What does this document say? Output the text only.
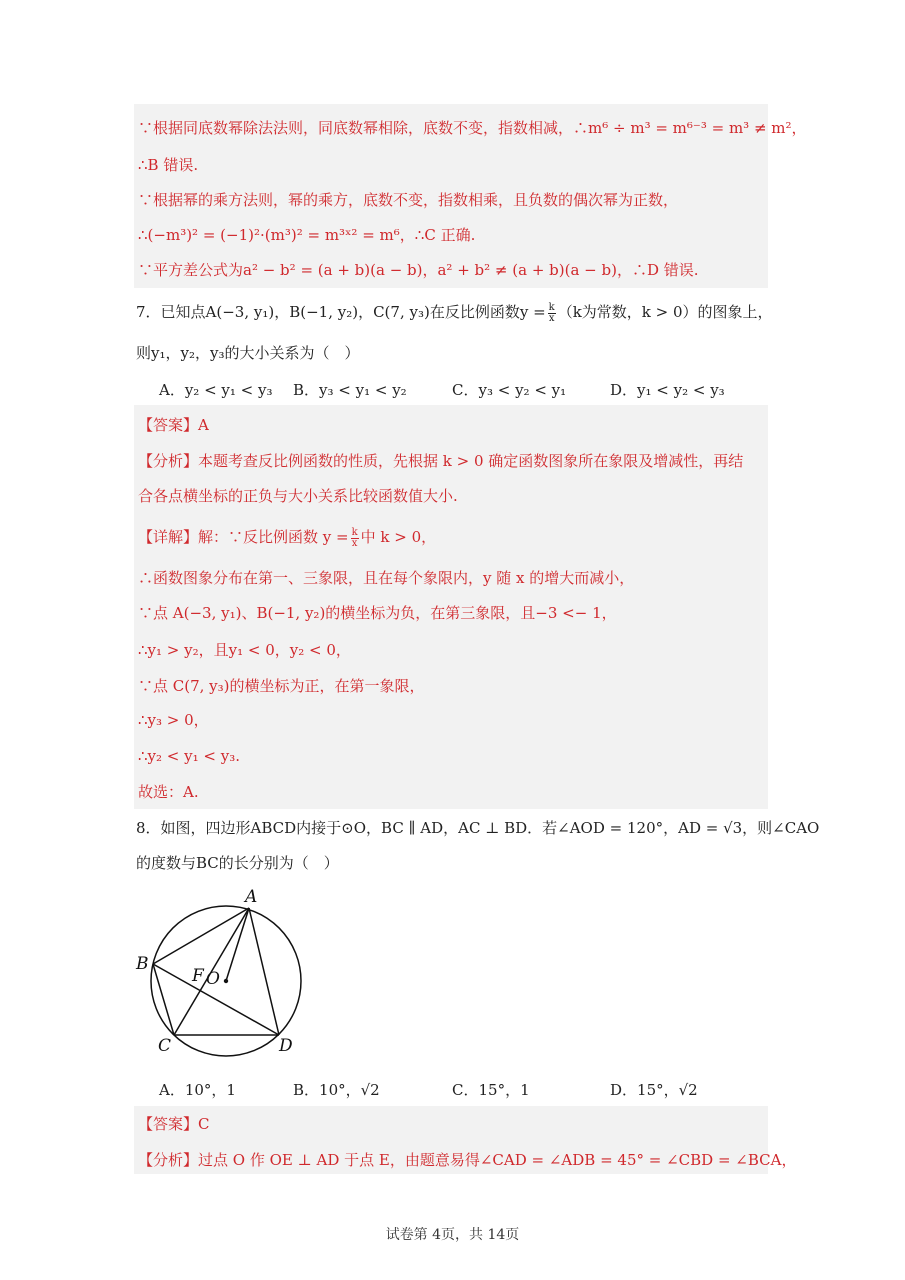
∵根据同底数幂除法法则，同底数幂相除，底数不变，指数相减，∴m⁶ ÷ m³ = m⁶⁻³ = m³ ≠ m²，
∴B 错误.
∵根据幂的乘方法则，幂的乘方，底数不变，指数相乘，且负数的偶次幂为正数，
∴(−m³)² = (−1)²·(m³)² = m³ˣ² = m⁶，∴C 正确.
∵平方差公式为a² − b² = (a + b)(a − b)，a² + b² ≠ (a + b)(a − b)，∴D 错误.
7．已知点A(−3, y₁)，B(−1, y₂)，C(7, y₃)在反比例函数$y = \frac{k}{x} (k$为常数，k > 0）的图象上，
则y₁，y₂，y₃的大小关系为（　）
A．y₂ < y₁ < y₃ B．y₃ < y₁ < y₂	C．y₃ < y₂ < y₁	D．y₁ < y₂ < y₃
【答案】A
【分析】本题考查反比例函数的性质，先根据 k > 0 确定函数图象所在象限及增减性，再结
合各点横坐标的正负与大小关系比较函数值大小.
【详解】解：∵反比例函数 $y = \frac{k}{x}$ 中 k > 0，
∴函数图象分布在第一、三象限，且在每个象限内，y 随 x 的增大而减小，
∵点 A(−3, y₁)、B(−1, y₂)的横坐标为负，在第三象限，且−3 <− 1，
∴y₁ > y₂，且y₁ < 0，y₂ < 0，
∵点 C(7, y₃)的横坐标为正，在第一象限，
∴y₃ > 0，
∴y₂ < y₁ < y₃.
故选：A.
8．如图，四边形ABCD内接于⊙O，BC ∥ AD，AC ⊥ BD．若∠AOD = 120°，AD = √3，则∠CAO
的度数与BC的长分别为（　）
A
B
C	D
F O
A．10°，1	B．10°，√2	C．15°，1	D．15°，√2
【答案】C
【分析】过点 O 作 OE ⊥ AD 于点 E，由题意易得∠CAD = ∠ADB = 45° = ∠CBD = ∠BCA，
试卷第 4页，共 14页
